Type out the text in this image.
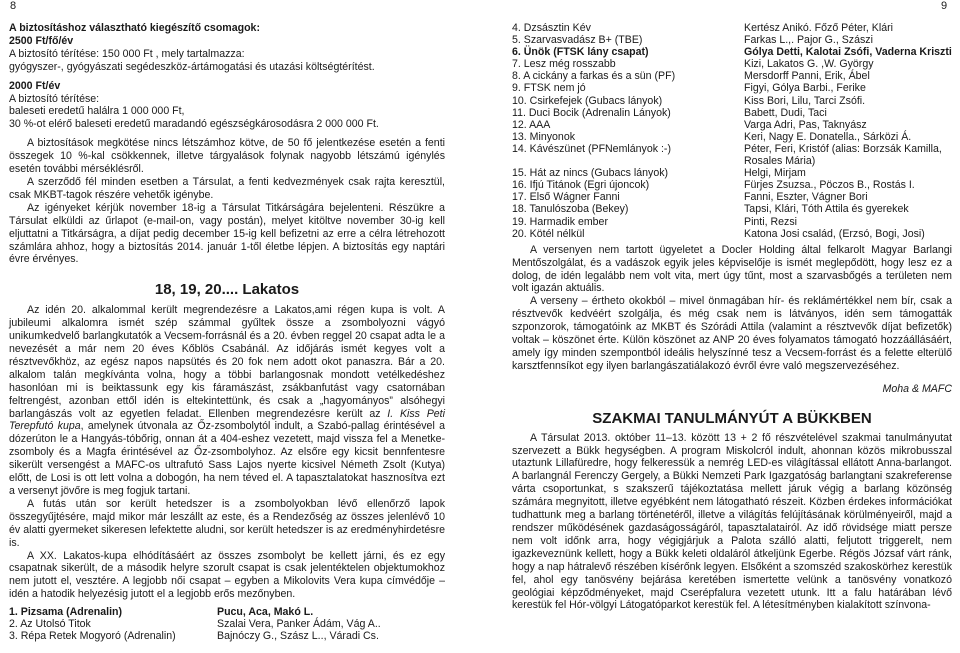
8	9
A biztosításhoz választható kiegészítő csomagok:
2500 Ft/fő/év
A biztosító térítése: 150 000 Ft , mely tartalmazza:
gyógyszer-, gyógyászati segédeszköz-ártámogatási és utazási költségtérítést.
2000 Ft/év
A biztosító térítése:
baleseti eredetű halálra 1 000 000 Ft,
30 %-ot elérő baleseti eredetű maradandó egészségkárosodásra 2 000 000 Ft.
A biztosítások megkötése nincs létszámhoz kötve, de 50 fő jelentkezése esetén a fenti összegek 10 %-kal csökkennek, illetve tárgyalások folynak nagyobb létszámú igénylés esetén további mérséklésről.
A szerződő fél minden esetben a Társulat, a fenti kedvezmények csak rajta keresztül, csak MKBT-tagok részére vehetők igénybe.
Az igényeket kérjük november 18-ig a Társulat Titkárságára bejelenteni. Részükre a Társulat elküldi az űrlapot (e-mail-on, vagy postán), melyet kitöltve november 30-ig kell eljuttatni a Titkárságra, a díjat pedig december 15-ig kell befizetni az erre a célra létrehozott számlára ahhoz, hogy a biztosítás 2014. január 1-től életbe lépjen. A biztosítás egy naptári évre érvényes.
18, 19, 20.... Lakatos
Az idén 20. alkalommal került megrendezésre a Lakatos,ami régen kupa is volt. A jubileumi alkalomra ismét szép számmal gyűltek össze a zsombolyozni vágyó unikumkedvelő barlangkutatók a Vecsem-forrásnál és a 20. évben reggel 20 csapat adta le a nevezését a már nem 20 éves Kőblös Csabánál. Az időjárás ismét kegyes volt a résztvevőkhöz, az egész napos napsütés és 20 fok nem adott okot panaszra. Bár a 20. alkalom talán megkívánta volna, hogy a többi barlangosnak mondott vetélkedéshez hasonlóan mi is beiktassunk egy kis fáramászást, zsákbanfutást vagy csatornában feltrengést, azonban ettől idén is eltekintettünk, és csak a „hagyományos” alsóhegyi barlangászás volt az egyetlen feladat. Ellenben megrendezésre került az I. Kiss Peti Terepfutó kupa, amelynek útvonala az Őz-zsombolytól indult, a Szabó-pallag érintésével a dózerúton le a Hangyás-tóbőrig, onnan át a 404-eshez vezetett, majd vissza fel a Menetke-zsomboly és a Magfa érintésével az Őz-zsombolyhoz. Az elsőre egy kicsit bennfentesre sikerült versengést a MAFC-os ultrafutó Sass Lajos nyerte kicsivel Németh Zsolt (Kutya) előtt, de Losi is ott lett volna a dobogón, ha nem téved el. A tapasztalatokat hasznosítva ezt a versenyt jövőre is meg fogjuk tartani.
A futás után sor került hetedszer is a zsombolyokban lévő ellenőrző lapok összegyűjtésére, majd mikor már leszállt az este, és a Rendezőség az összes jelenlévő 10 év alatti gyermeket sikeresen lefektette aludni, sor került hetedszer is az eredményhirdetésre is.
A XX. Lakatos-kupa elhódításáért az összes zsombolyt be kellett járni, és ez egy csapatnak sikerült, de a második helyre szorult csapat is csak jelentéktelen objektumokhoz nem jutott el, vesztére. A legjobb női csapat – egyben a Mikolovits Vera kupa címvédője – idén a hatodik helyezésig jutott el a legjobb erős mezőnyben.
1. Pizsama (Adrenalin)	Pucu, Aca, Makó L.
2. Az Utolsó Titok	Szalai Vera, Panker Ádám, Vág A..
3. Répa Retek Mogyoró (Adrenalin)	Bajnóczy G., Szász L.., Váradi Cs.
4. Dzsásztin Kév	Kertész Anikó. Főző Péter, Klári
5. Szarvasvadász B+ (TBE)	Farkas L.,. Pajor G., Szászi
6. Ünök (FTSK lány csapat)	Gólya Detti, Kalotai Zsófi, Vaderna Kriszti
7. Lesz még rosszabb	Kizi, Lakatos G. ,W. György
8. A cickány a farkas és a sün (PF)	Mersdorff Panni, Erik, Ábel
9. FTSK nem jó	Figyi, Gólya Barbi., Ferike
10. Csirkefejek (Gubacs lányok)	Kiss Bori, Lilu, Tarci Zsófi.
11. Duci Bocik (Adrenalin Lányok)	Babett, Dudi, Taci
12. AAA	Varga Adri, Pas, Taknyász
13. Minyonok	Keri, Nagy E. Donatella., Sárközi Á.
14. Kávészünet (PFNemlányok :-)	Péter, Feri, Kristóf (alias: Borzsák Kamilla,
Rosales Mária)
15. Hát az nincs (Gubacs lányok)	Helgi, Mirjam
16. Ifjú Titánok (Egri újoncok)	Fürjes Zsuzsa., Pöczos B., Rostás I.
17. Első Wágner Fanni	Fanni, Eszter, Vágner Bori
18. Tanulószoba (Bekey)	Tapsi, Klári, Tóth Attila és gyerekek
19. Harmadik ember	Pinti, Rezsi
20. Kötél nélkül	Katona Josi család, (Erzsó, Bogi, Josi)
A versenyen nem tartott ügyeletet a Docler Holding által felkarolt Magyar Barlangi Mentőszolgálat, és a vadászok egyik jeles képviselője is ismét meglepődött, hogy lesz ez a dolog, de idén legalább nem volt vita, mert úgy tűnt, most a szarvasbőgés a területen nem volt igazán aktuális.
A verseny – értheto okokból – mivel önmagában hír- és reklámértékkel nem bír, csak a résztvevők kedvéért szolgálja, és még csak nem is látványos, idén sem támogatták szponzorok, támogatóink az MKBT és Szórádi Attila (valamint a résztvevők díjat befizetők) voltak – köszönet érte. Külön köszönet az ANP 20 éves folyamatos támogató hozzáállásáért, amely így minden szempontból ideális helyszínné tesz a Vecsem-forrást és a felette elterülő karsztfennsíkot egy ilyen barlangászatiálakozó évről évre való megszervezéséhez.
Moha & MAFC
SZAKMAI TANULMÁNYÚT A BÜKKBEN
A Társulat 2013. október 11–13. között 13 + 2 fő részvételével szakmai tanulmányutat szervezett a Bükk hegységben. A program Miskolcról indult, ahonnan közös mikrobusszal utaztunk Lillafüredre, hogy felkeressük a nemrég LED-es világítással ellátott Anna-barlangot. A barlangnál Ferenczy Gergely, a Bükki Nemzeti Park Igazgatóság barlangtani szakreferense várta csoportunkat, s szakszerű tájékoztatása mellett járuk végig a barlang közönség számára megnyitott, illetve egyébként nem látogatható részeit. Közben érdekes információkat tudhattunk meg a barlang történetéről, illetve a világítás felújításának körülményeiről, majd a rendszer működésének gazdaságosságáról, tapasztalatairól. Az idő rövidsége miatt persze nem volt időnk arra, hogy végigjárjuk a Palota szálló alatti, feljutott triggerelt, nem igazkeveznünk kellett, hogy a Bükk keleti oldaláról átkeljünk Egerbe. Régös Józsaf várt ránk, hogy a nap hátralevő részében kísérőnk legyen. Elsőként a szomszéd szakoskörhez kerestük fel, ahol egy tanösvény bejárása keretében ismertette velünk a tanösvény vonatkozó geológiai képződményeket, majd Cserépfalura vezetett utunk. Itt a falu határában lévő kerestük fel Hór-völgyi Látogatóparkot kerestük fel. A létesítményben kialakított színvona-
